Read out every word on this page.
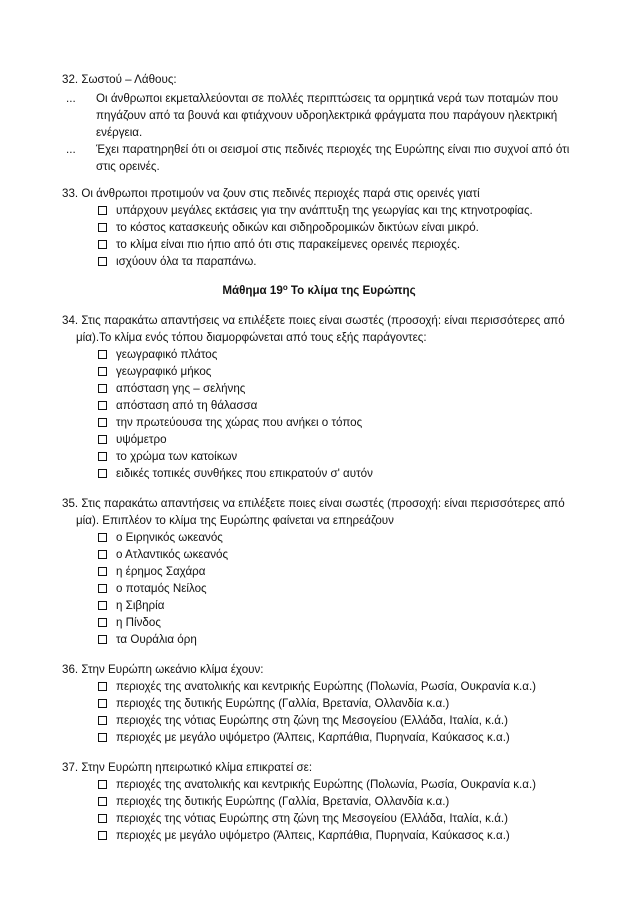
32. Σωστού – Λάθους:
... Οι άνθρωποι εκμεταλλεύονται σε πολλές περιπτώσεις τα ορμητικά νερά των ποταμών που
πηγάζουν από τα βουνά και φτιάχνουν υδροηλεκτρικά φράγματα που παράγουν ηλεκτρική
ενέργεια.
... Έχει παρατηρηθεί ότι οι σεισμοί στις πεδινές περιοχές της Ευρώπης είναι πιο συχνοί από ότι
στις ορεινές.
33. Οι άνθρωποι προτιμούν να ζουν στις πεδινές περιοχές παρά στις ορεινές γιατί
υπάρχουν μεγάλες εκτάσεις για την ανάπτυξη της γεωργίας και της κτηνοτροφίας.
το κόστος κατασκευής οδικών και σιδηροδρομικών δικτύων είναι μικρό.
το κλίμα είναι πιο ήπιο από ότι στις παρακείμενες ορεινές περιοχές.
ισχύουν όλα τα παραπάνω.
Μάθημα $19^o$ Το κλίμα της Ευρώπης
34. Στις παρακάτω απαντήσεις να επιλέξετε ποιες είναι σωστές (προσοχή: είναι περισσότερες από
μία).Το κλίμα ενός τόπου διαμορφώνεται από τους εξής παράγοντες:
γεωγραφικό πλάτος
γεωγραφικό μήκος
απόσταση γης – σελήνης
απόσταση από τη θάλασσα
την πρωτεύουσα της χώρας που ανήκει ο τόπος
υψόμετρο
το χρώμα των κατοίκων
ειδικές τοπικές συνθήκες που επικρατούν σ' αυτόν
35. Στις παρακάτω απαντήσεις να επιλέξετε ποιες είναι σωστές (προσοχή: είναι περισσότερες από
μία). Επιπλέον το κλίμα της Ευρώπης φαίνεται να επηρεάζουν
ο Ειρηνικός ωκεανός
ο Ατλαντικός ωκεανός
η έρημος Σαχάρα
ο ποταμός Νείλος
η Σιβηρία
η Πίνδος
τα Ουράλια όρη
36. Στην Ευρώπη ωκεάνιο κλίμα έχουν:
περιοχές της ανατολικής και κεντρικής Ευρώπης (Πολωνία, Ρωσία, Ουκρανία κ.α.)
περιοχές της δυτικής Ευρώπης (Γαλλία, Βρετανία, Ολλανδία κ.α.)
περιοχές της νότιας Ευρώπης στη ζώνη της Μεσογείου (Ελλάδα, Ιταλία, κ.ά.)
περιοχές με μεγάλο υψόμετρο (Άλπεις, Καρπάθια, Πυρηναία, Καύκασος κ.α.)
37. Στην Ευρώπη ηπειρωτικό κλίμα επικρατεί σε:
περιοχές της ανατολικής και κεντρικής Ευρώπης (Πολωνία, Ρωσία, Ουκρανία κ.α.)
περιοχές της δυτικής Ευρώπης (Γαλλία, Βρετανία, Ολλανδία κ.α.)
περιοχές της νότιας Ευρώπης στη ζώνη της Μεσογείου (Ελλάδα, Ιταλία, κ.ά.)
περιοχές με μεγάλο υψόμετρο (Άλπεις, Καρπάθια, Πυρηναία, Καύκασος κ.α.)
